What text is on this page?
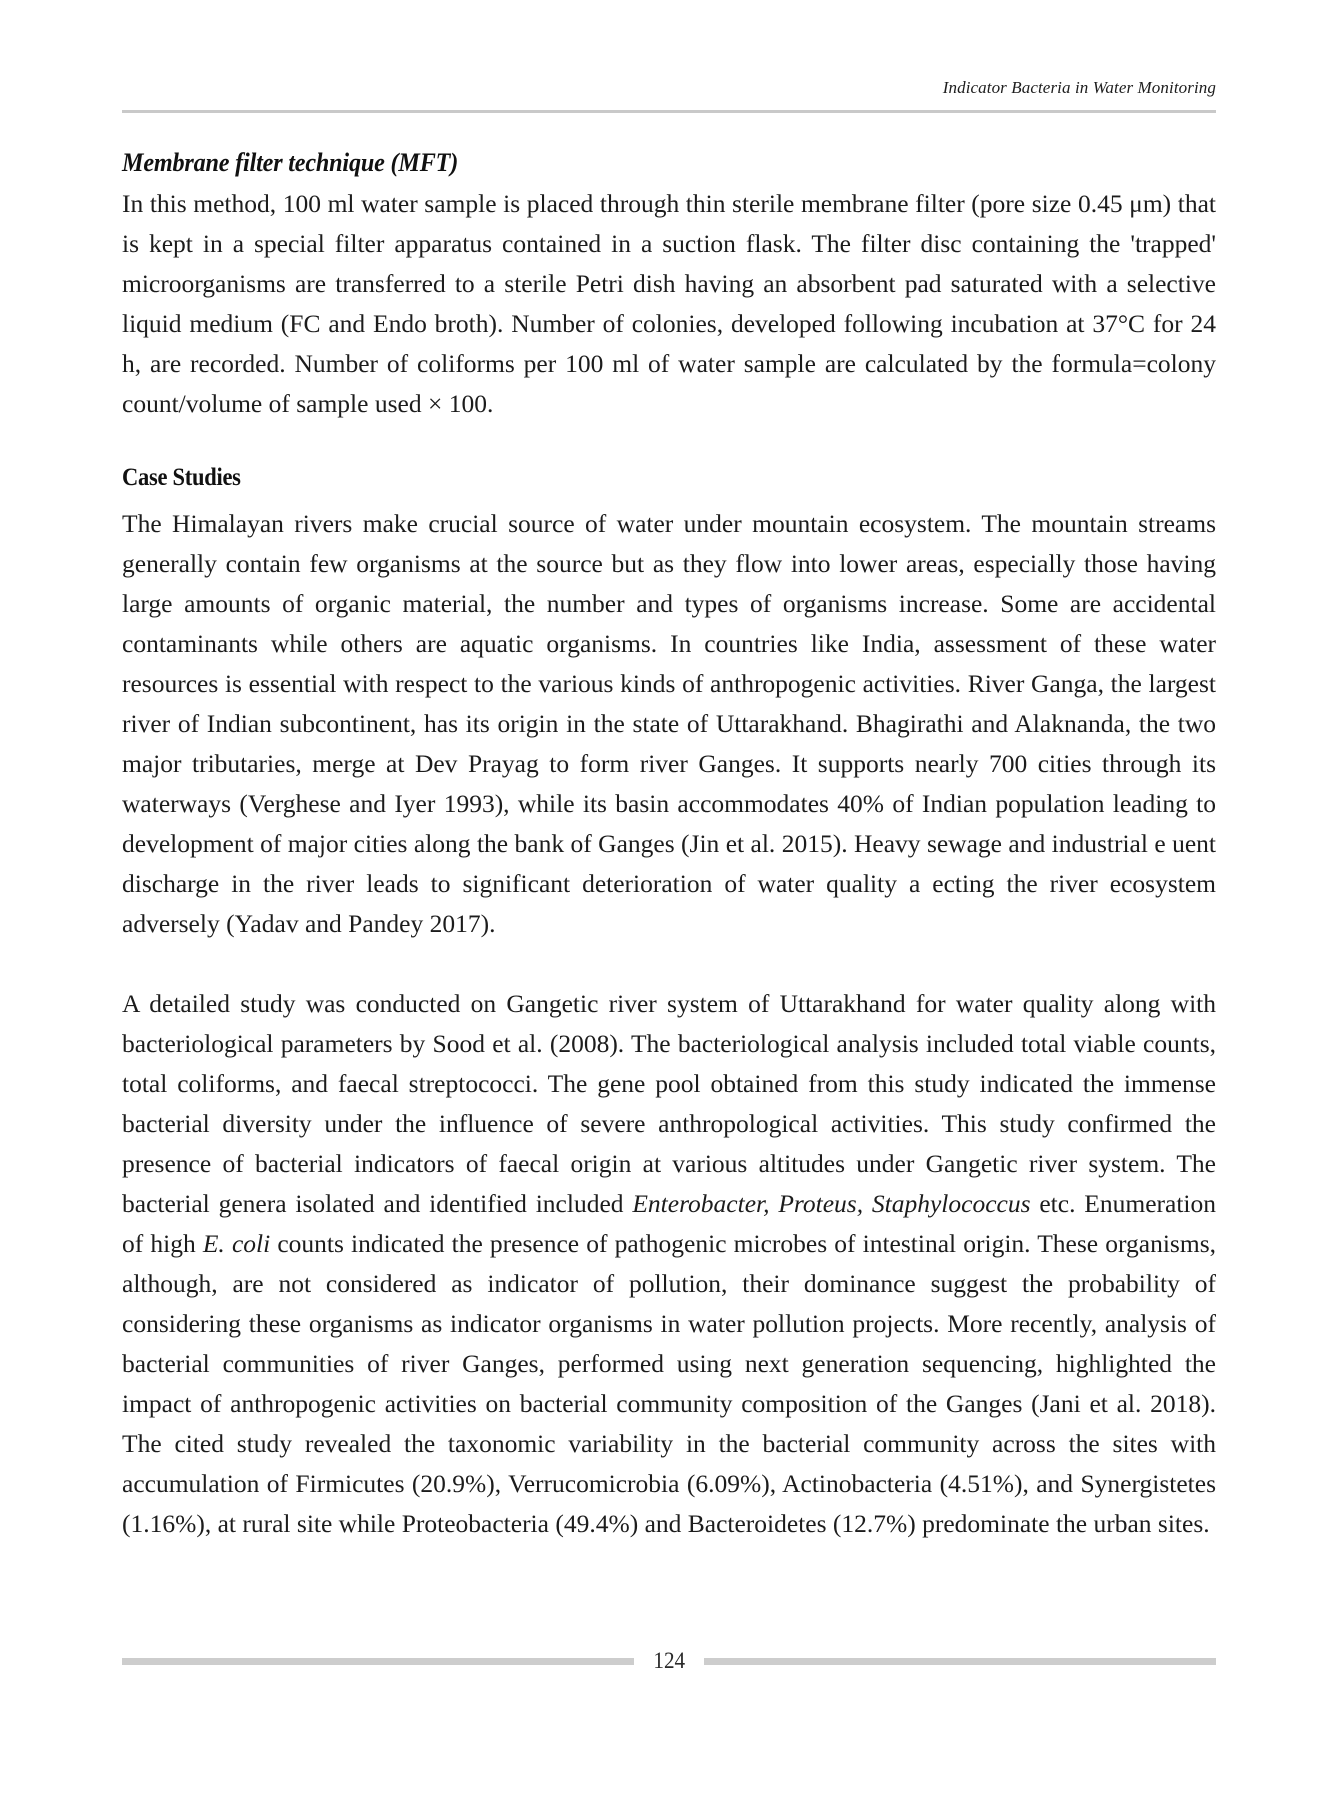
Indicator Bacteria in Water Monitoring
Membrane filter technique (MFT)

In this method, 100 ml water sample is placed through thin sterile membrane filter (pore size 0.45 μm) that is kept in a special filter apparatus contained in a suction flask. The filter disc containing the 'trapped' microorganisms are transferred to a sterile Petri dish having an absorbent pad saturated with a selective liquid medium (FC and Endo broth). Number of colonies, developed following incubation at 37°C for 24 h, are recorded. Number of coliforms per 100 ml of water sample are calculated by the formula=colony count/volume of sample used × 100.

Case Studies

The Himalayan rivers make crucial source of water under mountain ecosystem. The mountain streams generally contain few organisms at the source but as they flow into lower areas, especially those having large amounts of organic material, the number and types of organisms increase. Some are accidental contaminants while others are aquatic organisms. In countries like India, assessment of these water resources is essential with respect to the various kinds of anthropogenic activities. River Ganga, the largest river of Indian subcontinent, has its origin in the state of Uttarakhand. Bhagirathi and Alaknanda, the two major tributaries, merge at Dev Prayag to form river Ganges. It supports nearly 700 cities through its waterways (Verghese and Iyer 1993), while its basin accommodates 40% of Indian population leading to development of major cities along the bank of Ganges (Jin et al. 2015). Heavy sewage and industrial e uent discharge in the river leads to significant deterioration of water quality a ecting the river ecosystem adversely (Yadav and Pandey 2017).

A detailed study was conducted on Gangetic river system of Uttarakhand for water quality along with bacteriological parameters by Sood et al. (2008). The bacteriological analysis included total viable counts, total coliforms, and faecal streptococci. The gene pool obtained from this study indicated the immense bacterial diversity under the influence of severe anthropological activities. This study confirmed the presence of bacterial indicators of faecal origin at various altitudes under Gangetic river system. The bacterial genera isolated and identified included Enterobacter, Proteus, Staphylococcus etc. Enumeration of high E. coli counts indicated the presence of pathogenic microbes of intestinal origin. These organisms, although, are not considered as indicator of pollution, their dominance suggest the probability of considering these organisms as indicator organisms in water pollution projects. More recently, analysis of bacterial communities of river Ganges, performed using next generation sequencing, highlighted the impact of anthropogenic activities on bacterial community composition of the Ganges (Jani et al. 2018). The cited study revealed the taxonomic variability in the bacterial community across the sites with accumulation of Firmicutes (20.9%), Verrucomicrobia (6.09%), Actinobacteria (4.51%), and Synergistetes (1.16%), at rural site while Proteobacteria (49.4%) and Bacteroidetes (12.7%) predominate the urban sites.

124
